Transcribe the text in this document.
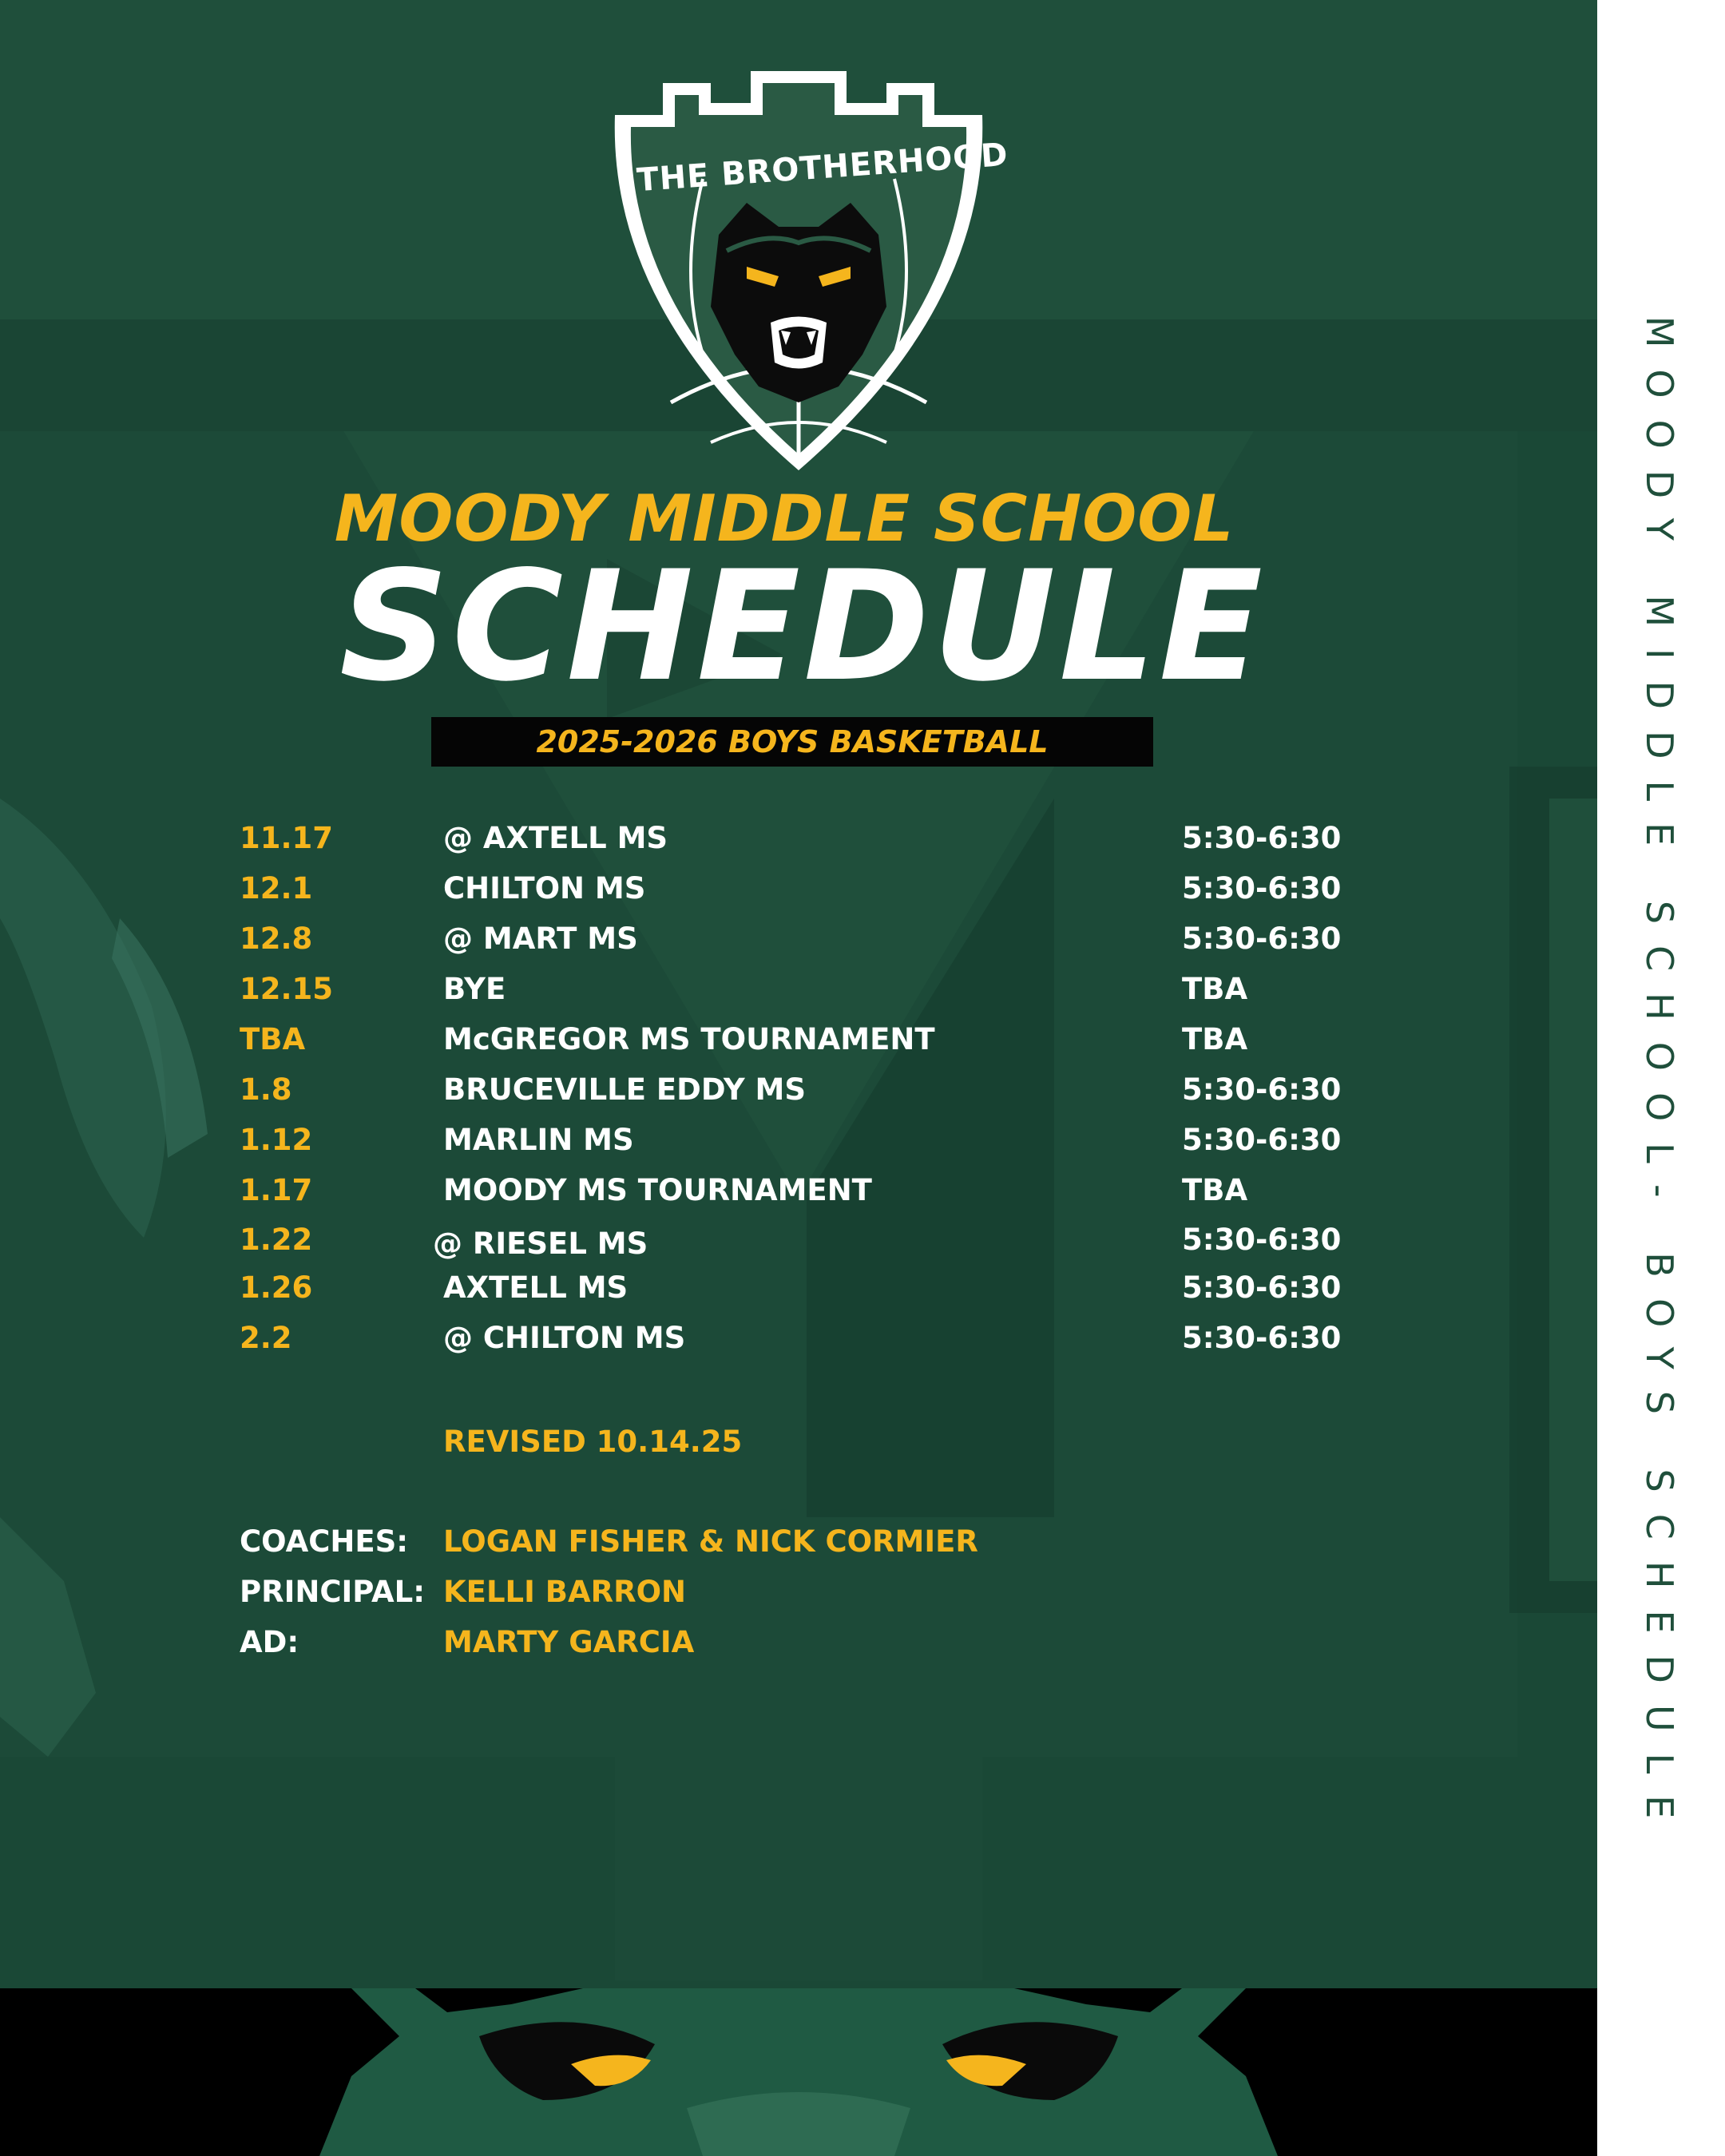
THE BROTHERHOOD
MOODY MIDDLE SCHOOL
SCHEDULE
2025-2026 BOYS BASKETBALL
11.17	@ AXTELL MS	5:30-6:30
12.1	CHILTON MS	5:30-6:30
12.8	@ MART MS	5:30-6:30
12.15	BYE	TBA
TBA	McGREGOR MS TOURNAMENT	TBA
1.8	BRUCEVILLE EDDY MS	5:30-6:30
1.12	MARLIN MS	5:30-6:30
1.17	MOODY MS TOURNAMENT	TBA
1.22	@ RIESEL MS	5:30-6:30
1.26	AXTELL MS	5:30-6:30
2.2	@ CHILTON MS	5:30-6:30
REVISED 10.14.25
COACHES: LOGAN FISHER & NICK CORMIER
PRINCIPAL: KELLI BARRON
AD:	MARTY GARCIA	MOODY MIDDLE SCHOOL- BOYS SCHEDULE
